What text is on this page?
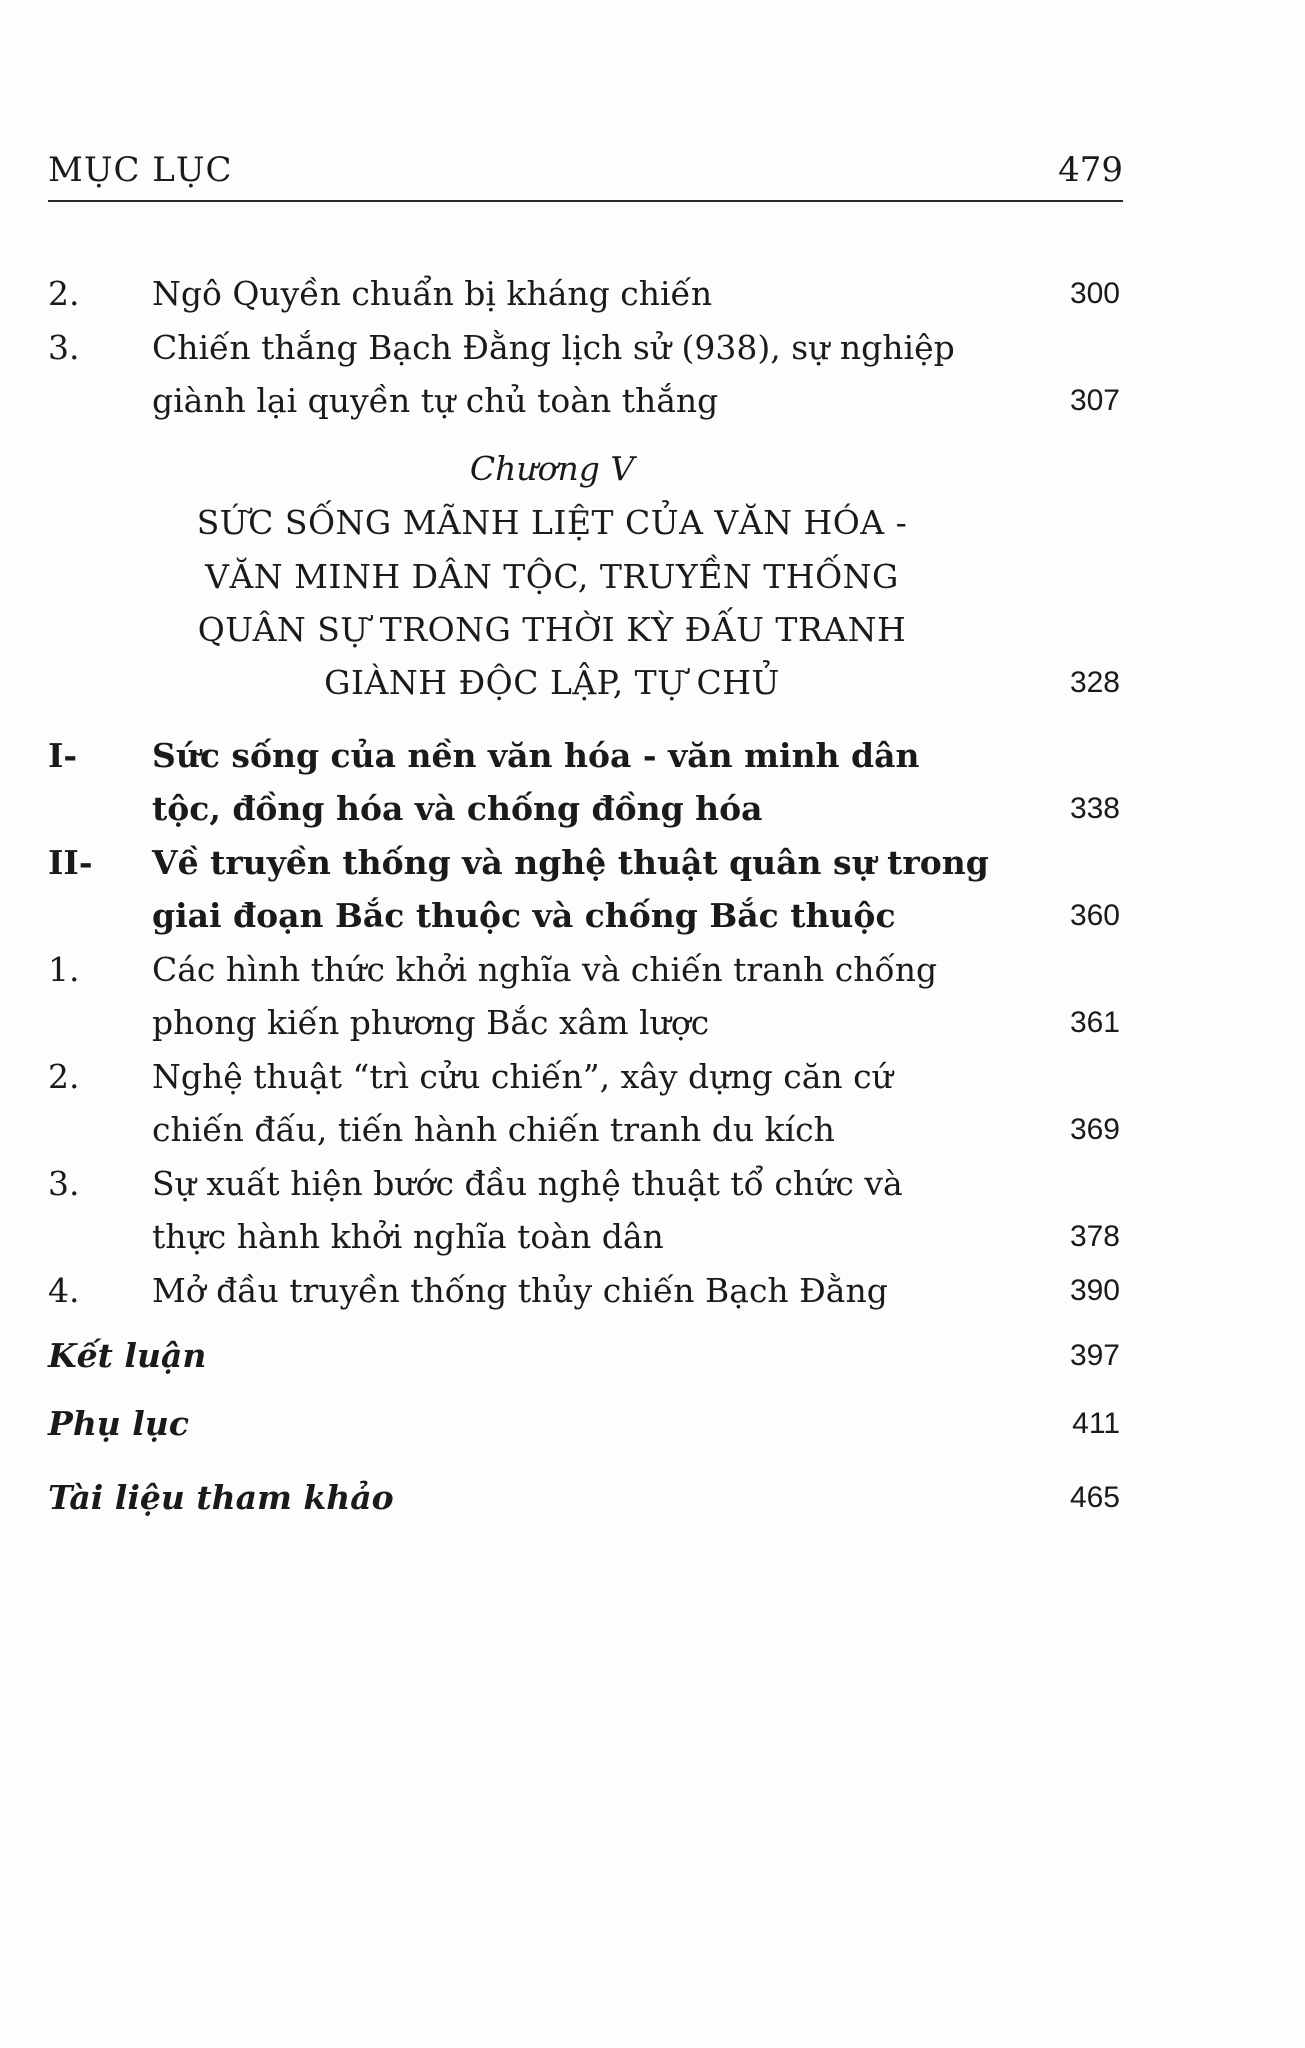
MỤC LỤC	479
2. Ngô Quyền chuẩn bị kháng chiến	300
3. Chiến thắng Bạch Đằng lịch sử (938), sự nghiệp
giành lại quyền tự chủ toàn thắng	307
Chương V
SỨC SỐNG MÃNH LIỆT CỦA VĂN HÓA -
VĂN MINH DÂN TỘC, TRUYỀN THỐNG
QUÂN SỰ TRONG THỜI KỲ ĐẤU TRANH
GIÀNH ĐỘC LẬP, TỰ CHỦ	328
I- Sức sống của nền văn hóa - văn minh dân
tộc, đồng hóa và chống đồng hóa	338
II- Về truyền thống và nghệ thuật quân sự trong
giai đoạn Bắc thuộc và chống Bắc thuộc	360
1. Các hình thức khởi nghĩa và chiến tranh chống
phong kiến phương Bắc xâm lược	361
2. Nghệ thuật “trì cửu chiến”, xây dựng căn cứ
chiến đấu, tiến hành chiến tranh du kích	369
3. Sự xuất hiện bước đầu nghệ thuật tổ chức và
thực hành khởi nghĩa toàn dân	378
4. Mở đầu truyền thống thủy chiến Bạch Đằng	390
Kết luận	397
Phụ lục	411
Tài liệu tham khảo	465
